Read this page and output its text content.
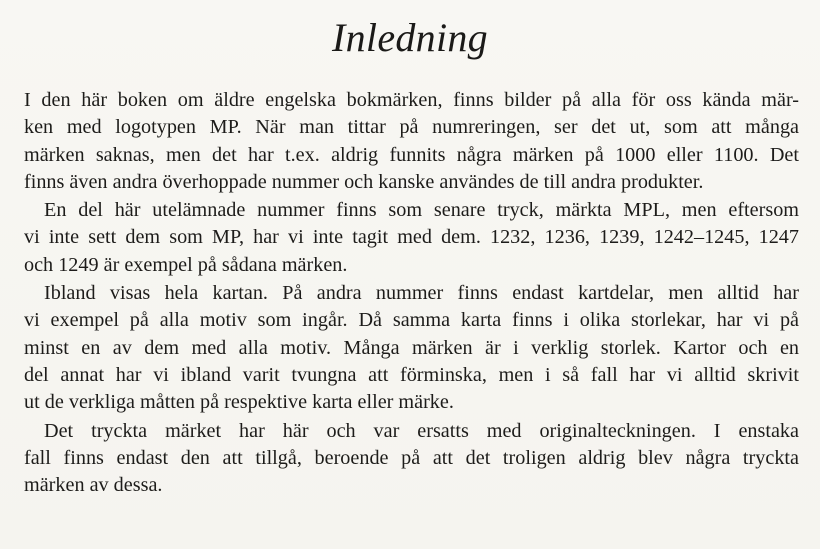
Inledning
I den här boken om äldre engelska bokmärken, finns bilder på alla för oss kända mär-
ken med logotypen MP. När man tittar på numreringen, ser det ut, som att många
märken saknas, men det har t.ex. aldrig funnits några märken på 1000 eller 1100. Det
finns även andra överhoppade nummer och kanske användes de till andra produkter.
En del här utelämnade nummer finns som senare tryck, märkta MPL, men eftersom
vi inte sett dem som MP, har vi inte tagit med dem. 1232, 1236, 1239, 1242–1245, 1247
och 1249 är exempel på sådana märken.
Ibland visas hela kartan. På andra nummer finns endast kartdelar, men alltid har
vi exempel på alla motiv som ingår. Då samma karta finns i olika storlekar, har vi på
minst en av dem med alla motiv. Många märken är i verklig storlek. Kartor och en
del annat har vi ibland varit tvungna att förminska, men i så fall har vi alltid skrivit
ut de verkliga måtten på respektive karta eller märke.
Det tryckta märket har här och var ersatts med originalteckningen. I enstaka
fall finns endast den att tillgå, beroende på att det troligen aldrig blev några tryckta
märken av dessa.
